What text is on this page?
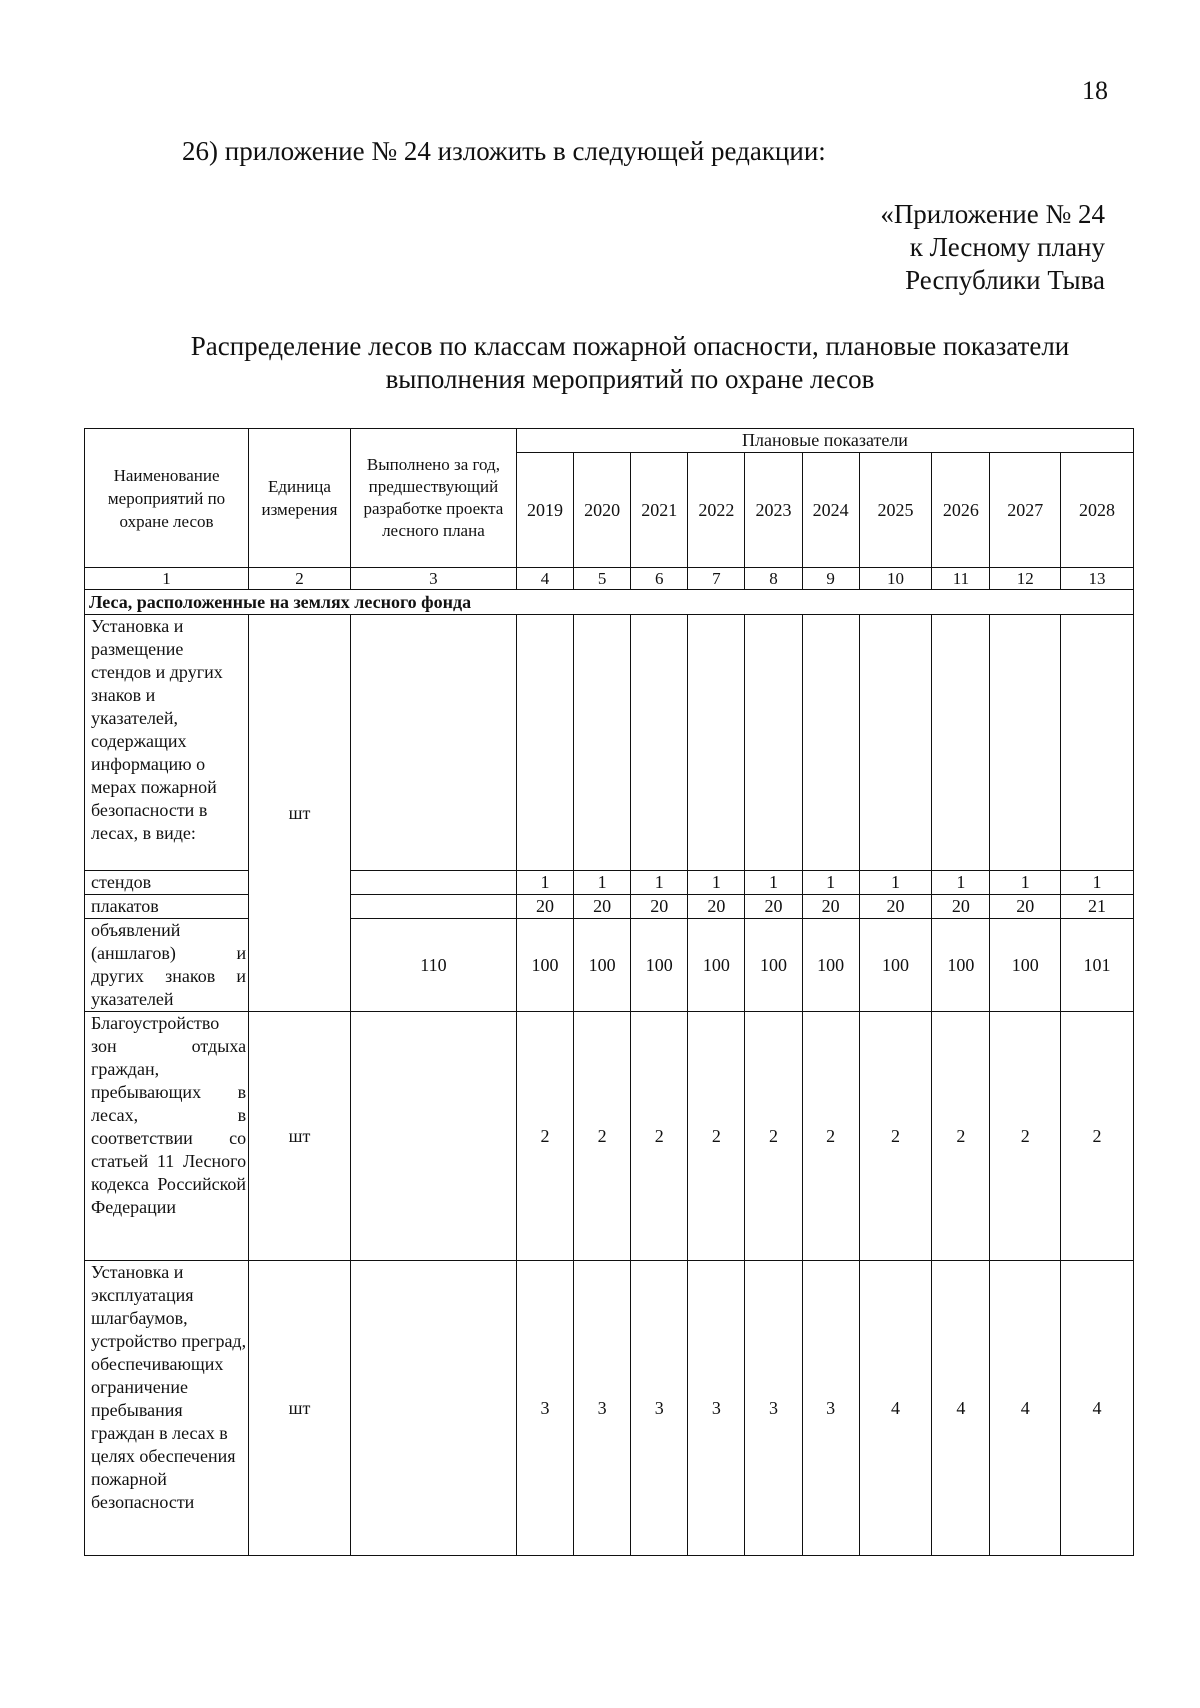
18
26) приложение № 24 изложить в следующей редакции:
«Приложение № 24
к Лесному плану
Республики Тыва
Распределение лесов по классам пожарной опасности, плановые показатели
выполнения мероприятий по охране лесов
Наименование мероприятий по охране лесов	Единица измерения	Выполнено за год, предшествующий разработке проекта лесного плана	Плановые показатели									
			2019	2020	2021	2022	2023	2024	2025	2026	2027	2028
1	2	3	4	5	6	7	8	9	10	11	12	13
Леса, расположенные на землях лесного фонда												
Установка и размещение стендов и других знаков и указателей, содержащих информацию о мерах пожарной безопасности в лесах, в виде:	шт											
стендов			1	1	1	1	1	1	1	1	1	1
плакатов			20	20	20	20	20	20	20	20	20	21
объявлений (аншлагов) и других знаков и указателей		110	100	100	100	100	100	100	100	100	100	101
Благоустройство зон отдыха граждан, пребывающих в лесах, в соответствии со статьей 11 Лесного кодекса Российской Федерации	шт		2	2	2	2	2	2	2	2	2	2
Установка и эксплуатация шлагбаумов, устройство преград, обеспечивающих ограничение пребывания граждан в лесах в целях обеспечения пожарной безопасности	шт		3	3	3	3	3	3	4	4	4	4
